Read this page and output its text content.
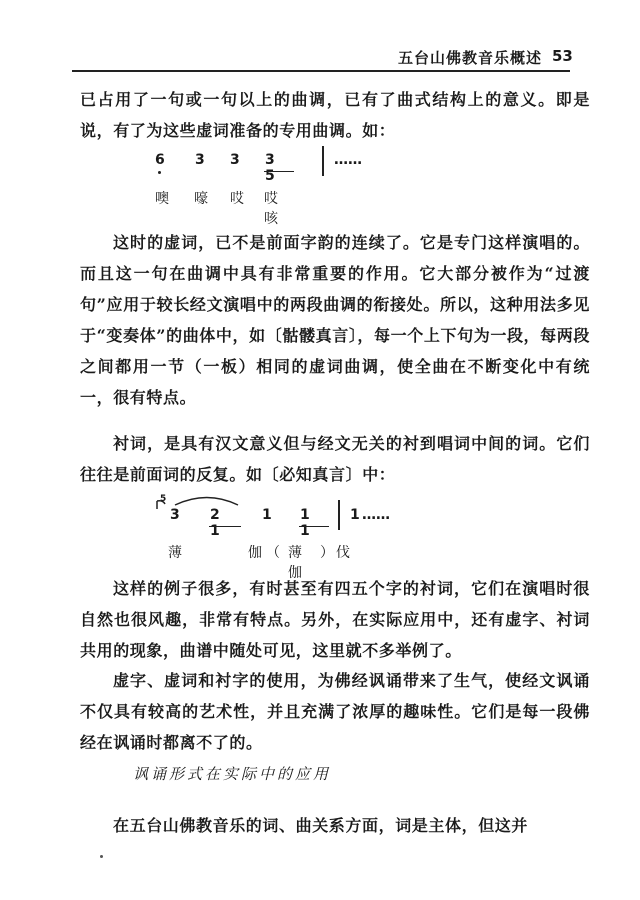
五台山佛教音乐概述 53

已占用了一句或一句以上的曲调，已有了曲式结构上的意义。即是说，有了为这些虚词准备的专用曲调。如：

6 3 3 3 5
……
噢 嚎 哎 哎咳

这时的虚词，已不是前面字韵的连续了。它是专门这样演唱的。而且这一句在曲调中具有非常重要的作用。它大部分被作为“过渡句”应用于较长经文演唱中的两段曲调的衔接处。所以，这种用法多见于“变奏体”的曲体中，如〔骷髅真言〕，每一个上下句为一段，每两段之间都用一节（一板）相同的虚词曲调，使全曲在不断变化中有统一，很有特点。

衬词，是具有汉文意义但与经文无关的衬到唱词中间的词。它们往往是前面词的反复。如〔必知真言〕中：

5
3 2 1
1 1 1
1 ……
薄	伽 （ 薄伽
） 伐

这样的例子很多，有时甚至有四五个字的衬词，它们在演唱时很自然也很风趣，非常有特点。另外，在实际应用中，还有虚字、衬词共用的现象，曲谱中随处可见，这里就不多举例了。

虚字、虚词和衬字的使用，为佛经讽诵带来了生气，使经文讽诵不仅具有较高的艺术性，并且充满了浓厚的趣味性。它们是每一段佛经在讽诵时都离不了的。

讽诵形式在实际中的应用

在五台山佛教音乐的词、曲关系方面，词是主体，但这并
